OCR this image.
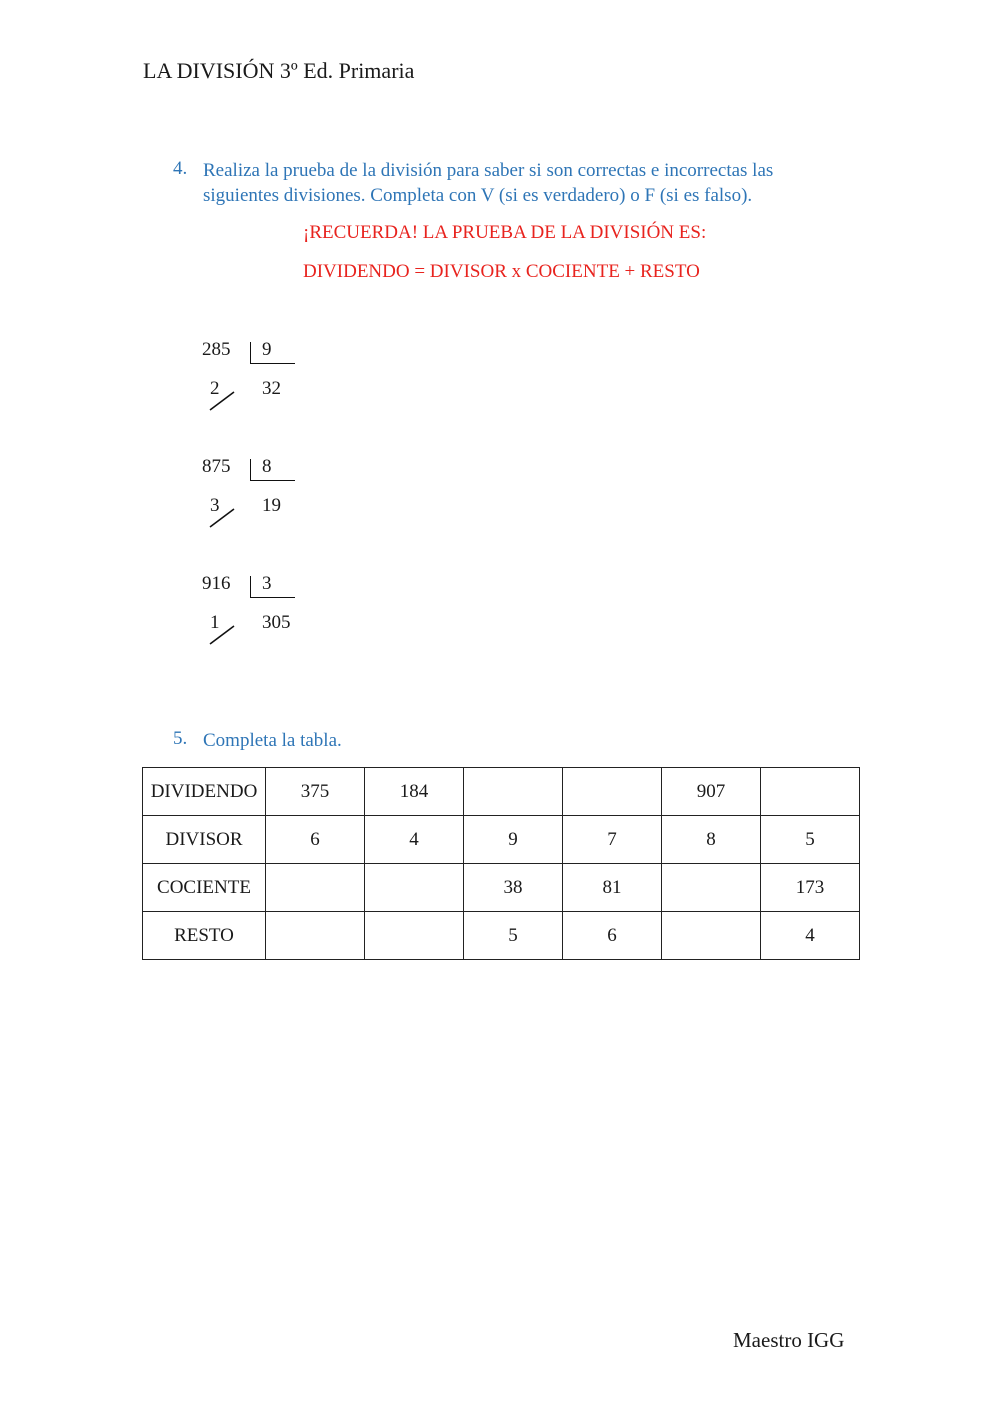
LA DIVISIÓN 3º Ed. Primaria
4. Realiza la prueba de la división para saber si son correctas e incorrectas las
siguientes divisiones. Completa con V (si es verdadero) o F (si es falso).
¡RECUERDA! LA PRUEBA DE LA DIVISIÓN ES:
DIVIDENDO = DIVISOR x COCIENTE + RESTO
285 9
2 32
875 8
3 19
916 3
1 305
5. Completa la tabla.
DIVIDENDO	375	184			907	
DIVISOR	6	4	9	7	8	5
COCIENTE			38	81		173
RESTO			5	6		4
Maestro IGG
